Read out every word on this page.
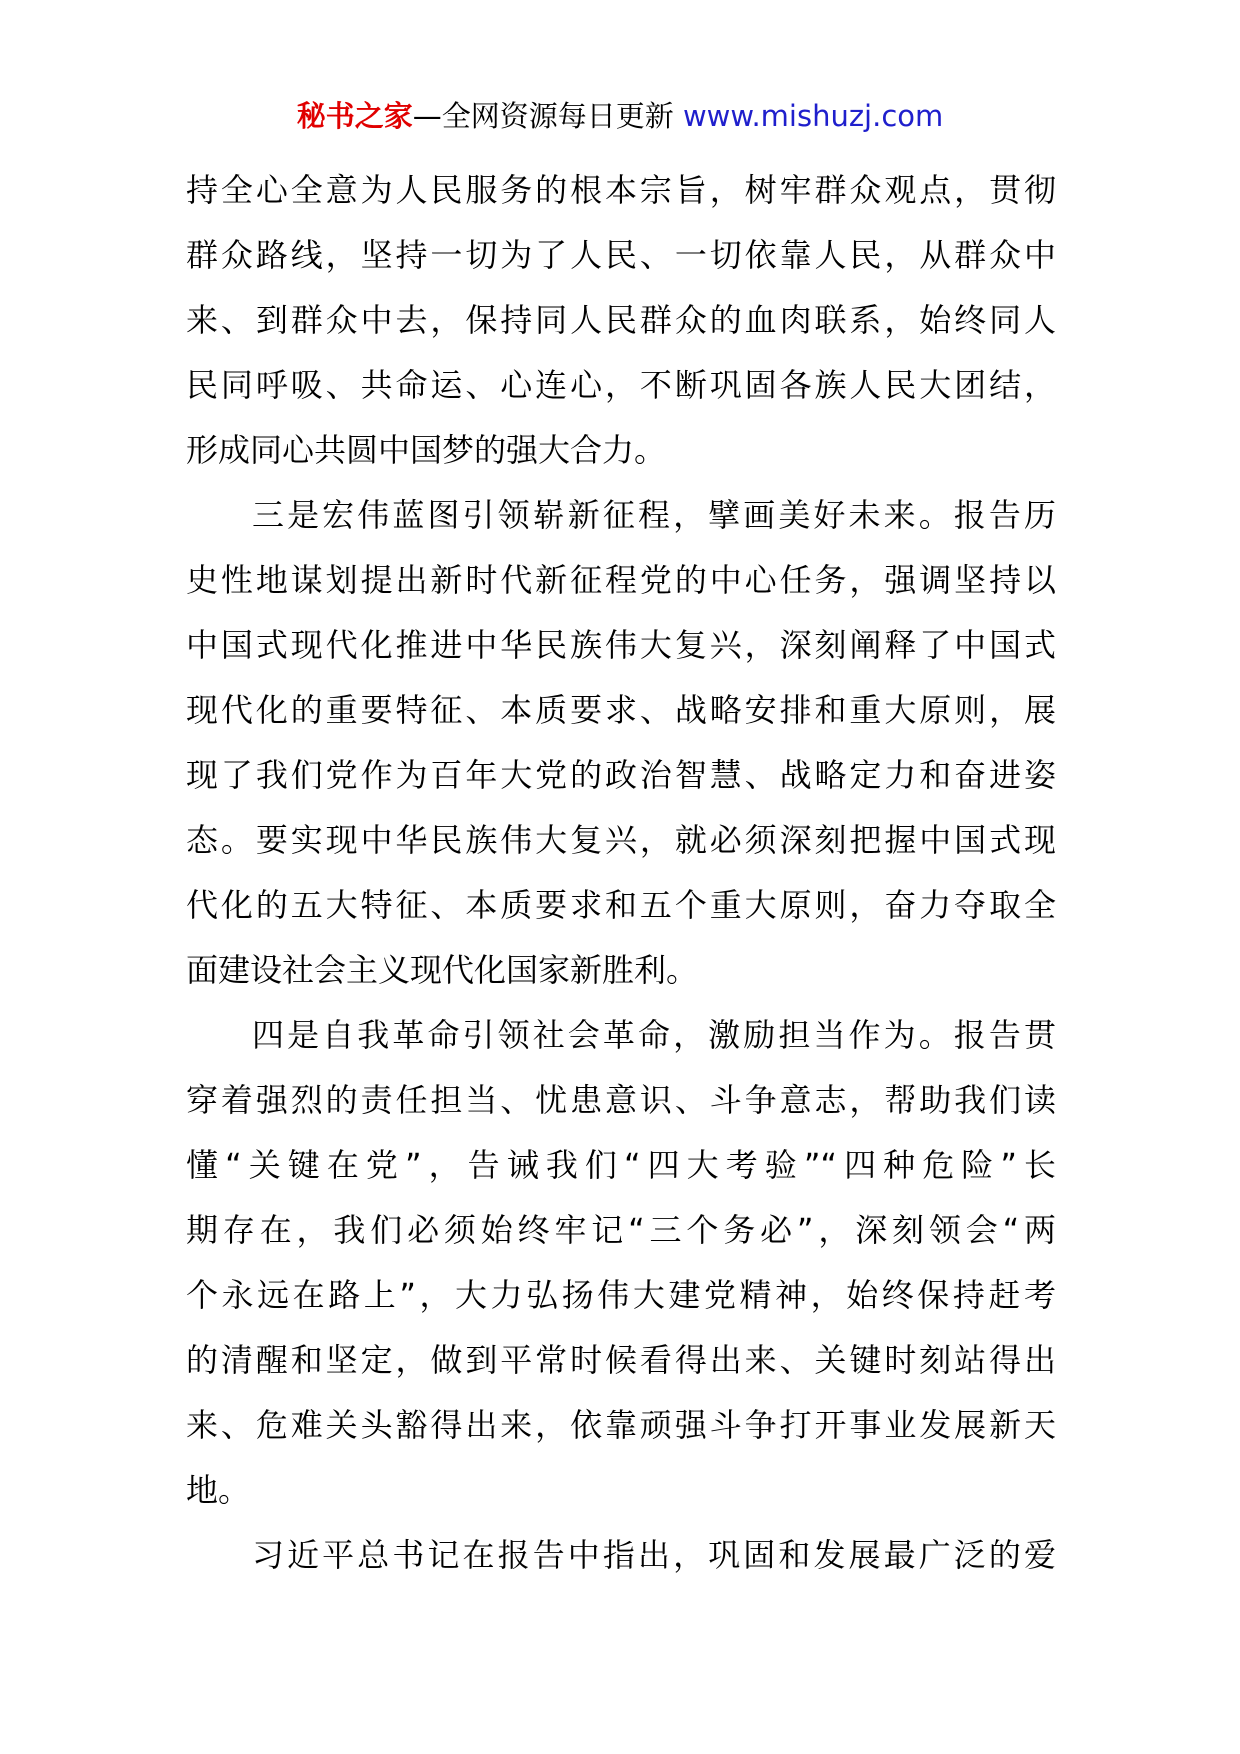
秘书之家—全网资源每日更新 www.mishuzj.com
持全心全意为人民服务的根本宗旨，树牢群众观点，贯彻
群众路线，坚持一切为了人民、一切依靠人民，从群众中
来、到群众中去，保持同人民群众的血肉联系，始终同人
民同呼吸、共命运、心连心，不断巩固各族人民大团结，
形成同心共圆中国梦的强大合力。
三是宏伟蓝图引领崭新征程，擘画美好未来。报告历
史性地谋划提出新时代新征程党的中心任务，强调坚持以
中国式现代化推进中华民族伟大复兴，深刻阐释了中国式
现代化的重要特征、本质要求、战略安排和重大原则，展
现了我们党作为百年大党的政治智慧、战略定力和奋进姿
态。要实现中华民族伟大复兴，就必须深刻把握中国式现
代化的五大特征、本质要求和五个重大原则，奋力夺取全
面建设社会主义现代化国家新胜利。
四是自我革命引领社会革命，激励担当作为。报告贯
穿着强烈的责任担当、忧患意识、斗争意志，帮助我们读
懂“关键在党”，告诫我们“四大考验”“四种危险”长
期存在，我们必须始终牢记“三个务必”，深刻领会“两
个永远在路上”，大力弘扬伟大建党精神，始终保持赶考
的清醒和坚定，做到平常时候看得出来、关键时刻站得出
来、危难关头豁得出来，依靠顽强斗争打开事业发展新天
地。
习近平总书记在报告中指出，巩固和发展最广泛的爱
